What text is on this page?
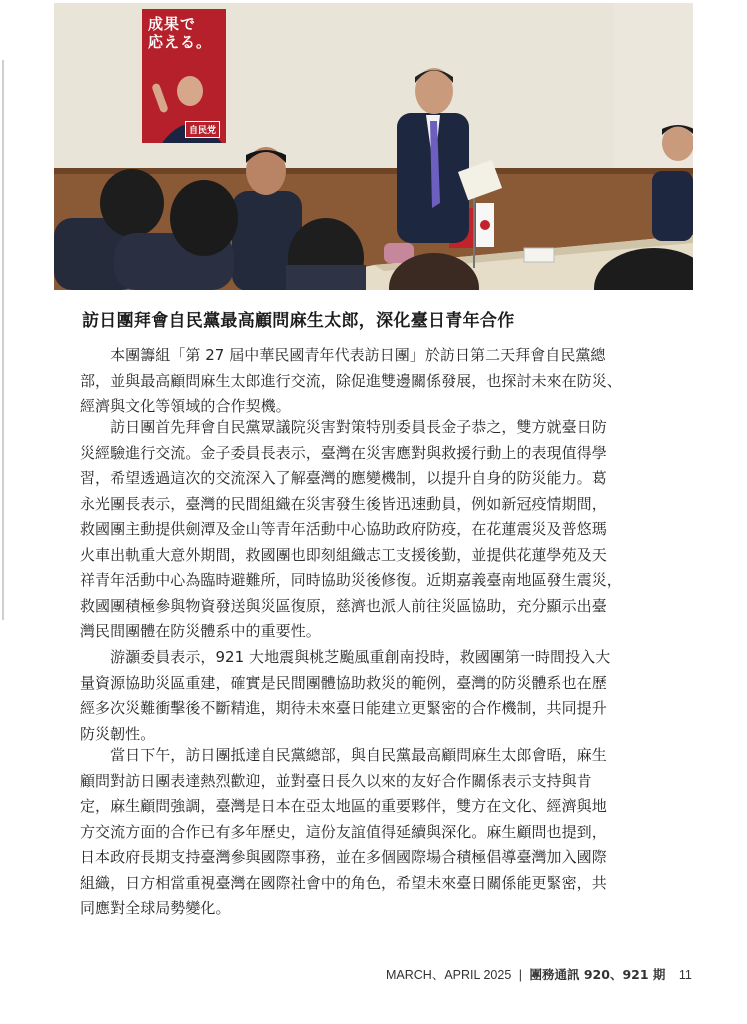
成果で
応える。
自民党
訪日團拜會自民黨最高顧問麻生太郎，深化臺日青年合作
　　本團籌組「第 27 屆中華民國青年代表訪日團」於訪日第二天拜會自民黨總
部，並與最高顧問麻生太郎進行交流，除促進雙邊關係發展，也探討未來在防災、
經濟與文化等領域的合作契機。
　　訪日團首先拜會自民黨眾議院災害對策特別委員長金子恭之，雙方就臺日防
災經驗進行交流。金子委員長表示，臺灣在災害應對與救援行動上的表現值得學
習，希望透過這次的交流深入了解臺灣的應變機制，以提升自身的防災能力。葛
永光團長表示，臺灣的民間組織在災害發生後皆迅速動員，例如新冠疫情期間，
救國團主動提供劍潭及金山等青年活動中心協助政府防疫，在花蓮震災及普悠瑪
火車出軌重大意外期間，救國團也即刻組織志工支援後勤，並提供花蓮學苑及天
祥青年活動中心為臨時避難所，同時協助災後修復。近期嘉義臺南地區發生震災，
救國團積極參與物資發送與災區復原，慈濟也派人前往災區協助，充分顯示出臺
灣民間團體在防災體系中的重要性。
　　游灝委員表示，921 大地震與桃芝颱風重創南投時，救國團第一時間投入大
量資源協助災區重建，確實是民間團體協助救災的範例，臺灣的防災體系也在歷
經多次災難衝擊後不斷精進，期待未來臺日能建立更緊密的合作機制，共同提升
防災韌性。
　　當日下午，訪日團抵達自民黨總部，與自民黨最高顧問麻生太郎會晤，麻生
顧問對訪日團表達熱烈歡迎，並對臺日長久以來的友好合作關係表示支持與肯
定，麻生顧問強調，臺灣是日本在亞太地區的重要夥伴，雙方在文化、經濟與地
方交流方面的合作已有多年歷史，這份友誼值得延續與深化。麻生顧問也提到，
日本政府長期支持臺灣參與國際事務，並在多個國際場合積極倡導臺灣加入國際
組織，日方相當重視臺灣在國際社會中的角色，希望未來臺日關係能更緊密，共
同應對全球局勢變化。
MARCH、APRIL 2025 | 團務通訊 920、921 期 11
